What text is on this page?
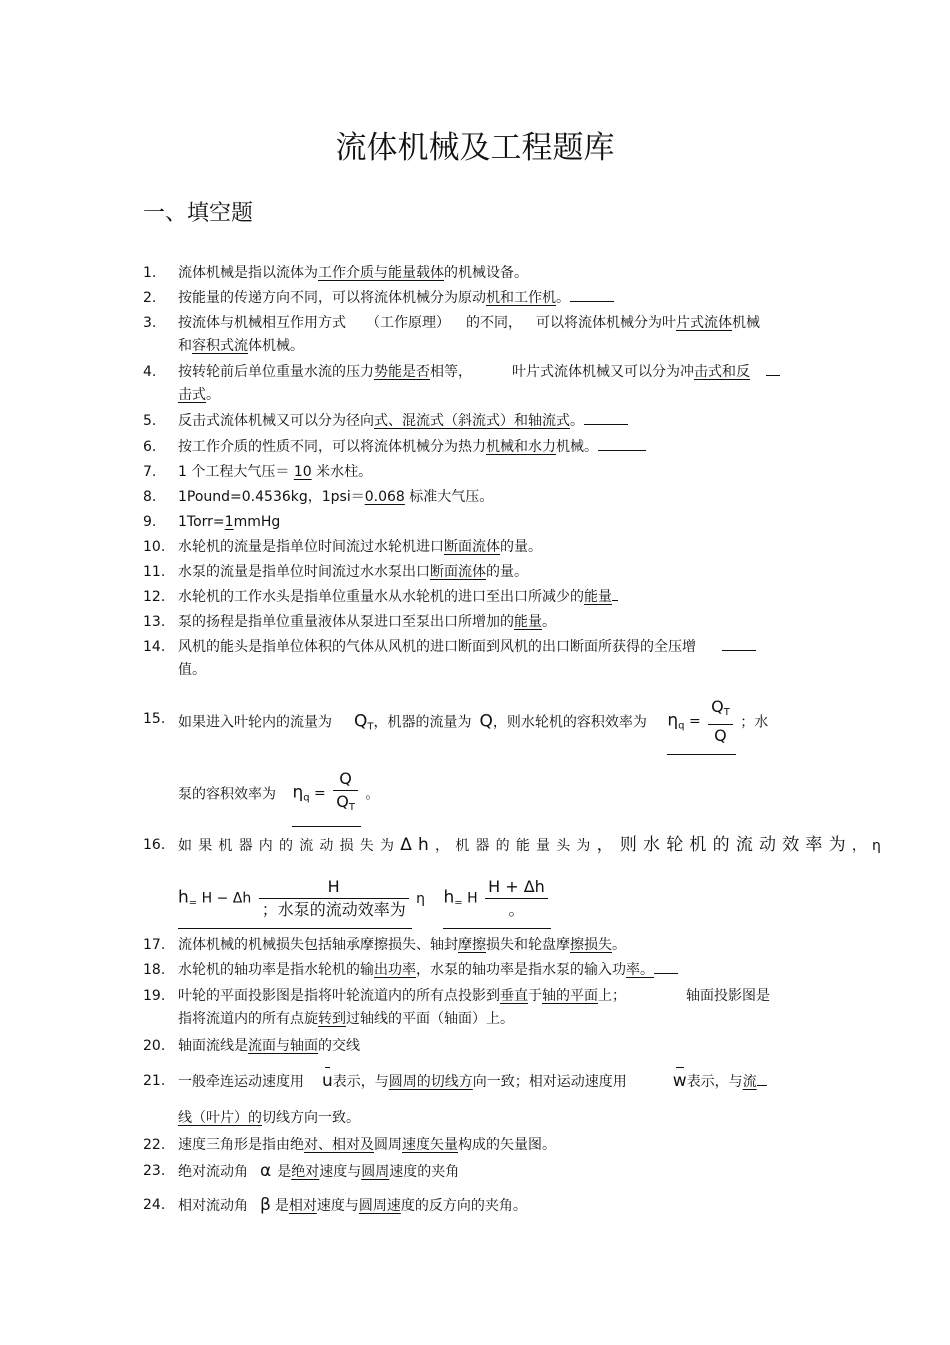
流体机械及工程题库
一、填空题
1.	流体机械是指以流体为工作介质与能量载体的机械设备。
2.	按能量的传递方向不同，可以将流体机械分为原动机和工作机。
3.	按流体与机械相互作用方式 （工作原理） 的不同， 可以将流体机械分为叶片式流体机械
和容积式流体机械。
4.	按转轮前后单位重量水流的压力势能是否相等，	叶片式流体机械又可以分为冲击式和反
击式。
5.	反击式流体机械又可以分为径向式、混流式（斜流式）和轴流式。
6.	按工作介质的性质不同，可以将流体机械分为热力机械和水力机械。
7.	1 个工程大气压＝ 10 米水柱。
8.	1Pound=0.4536kg，1psi＝0.068 标准大气压。
9.	1Torr=1mmHg
10. 水轮机的流量是指单位时间流过水轮机进口断面流体的量。
11. 水泵的流量是指单位时间流过水水泵出口断面流体的量。
12. 水轮机的工作水头是指单位重量水从水轮机的进口至出口所减少的能量
13. 泵的扬程是指单位重量液体从泵进口至泵出口所增加的能量。
14. 风机的能头是指单位体积的气体从风机的进口断面到风机的出口断面所获得的全压增
值。
15. 如果进入叶轮内的流量为 $Q_T$，机器的流量为 Q，则水轮机的容积效率为 $\eta_q = \frac{Q_T}{Q}$ ；水
泵的容积效率为 $\eta_q = \frac{Q}{Q_T}$ 。
16. 如果机器内的流动损失为Δh，机器的能量头为，则水轮机的流动效率为，η
$h_=$ H − Δh $\frac{H}{\text{；水泵的流动效率为}}$ η $h_=$ H $\frac{H + \Delta h}{。}$
17. 流体机械的机械损失包括轴承摩擦损失、轴封摩擦损失和轮盘摩擦损失。
18. 水轮机的轴功率是指水轮机的输出功率，水泵的轴功率是指水泵的输入功率。
19. 叶轮的平面投影图是指将叶轮流道内的所有点投影到垂直于轴的平面上；	轴面投影图是
指将流道内的所有点旋转到过轴线的平面（轴面）上。
20. 轴面流线是流面与轴面的交线
21. 一般牵连运动速度用 u表示，与圆周的切线方向一致；相对运动速度用	w表示，与流
线（叶片）的切线方向一致。
22. 速度三角形是指由绝对、相对及圆周速度矢量构成的矢量图。
23. 绝对流动角 α 是绝对速度与圆周速度的夹角
24. 相对流动角 β 是相对速度与圆周速度的反方向的夹角。
